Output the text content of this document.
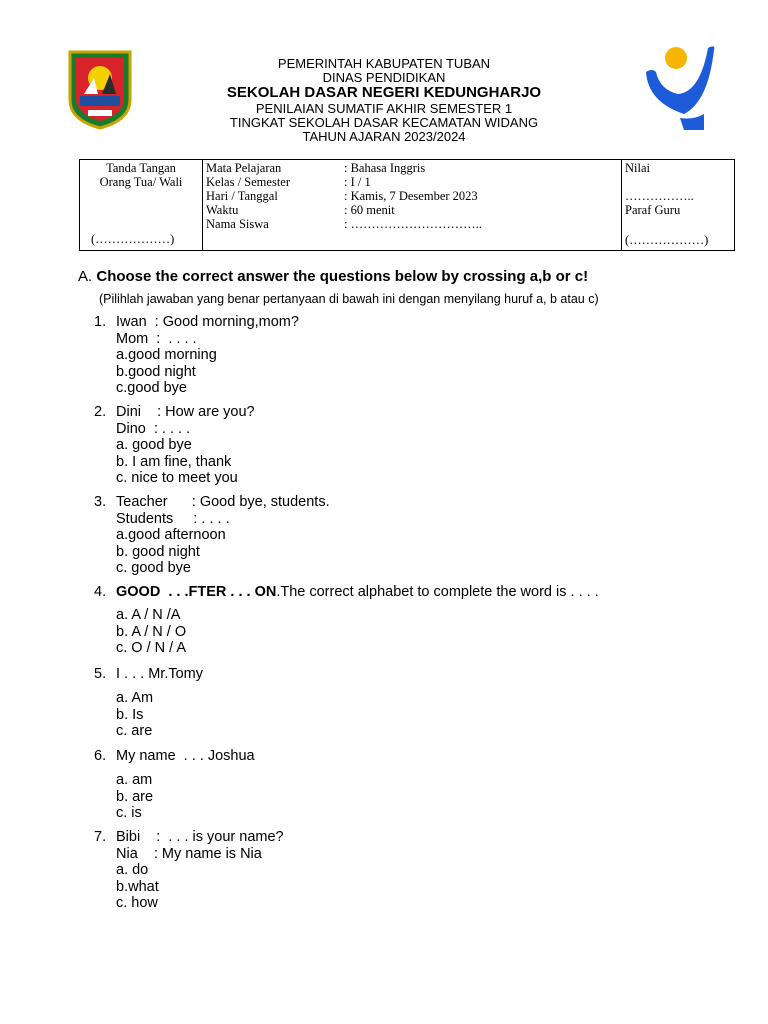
PEMERINTAH KABUPATEN TUBAN
DINAS PENDIDIKAN
SEKOLAH DASAR NEGERI KEDUNGHARJO
PENILAIAN SUMATIF AKHIR SEMESTER 1
TINGKAT SEKOLAH DASAR KECAMATAN WIDANG
TAHUN AJARAN 2023/2024
Tanda Tangan
Orang Tua/ Wali
(………………)

Mata Pelajaran	: Bahasa Inggris
Kelas / Semester	: I / 1
Hari / Tanggal	: Kamis, 7 Desember 2023
Waktu	: 60 menit
Nama Siswa	: …………………………..

Nilai
……………..
Paraf Guru
(………………)
A. Choose the correct answer the questions below by crossing a,b or c!
(Pilihlah jawaban yang benar pertanyaan di bawah ini dengan menyilang huruf a, b atau c)
1. Iwan  : Good morning,mom?
Mom  :  . . . .
a.good morning
b.good night
c.good bye
2. Dini    : How are you?
Dino  : . . . .
a. good bye
b. I am fine, thank
c. nice to meet you
3. Teacher      : Good bye, students.
Students     : . . . .
a.good afternoon
b. good night
c. good bye
4. GOOD  . . .FTER . . . ON.The correct alphabet to complete the word is . . . .
a. A / N /A
b. A / N / O
c. O / N / A
5. I . . . Mr.Tomy
a. Am
b. Is
c. are
6. My name  . . . Joshua
a. am
b. are
c. is
7. Bibi    :  . . . is your name?
Nia    : My name is Nia
a. do
b.what
c. how
